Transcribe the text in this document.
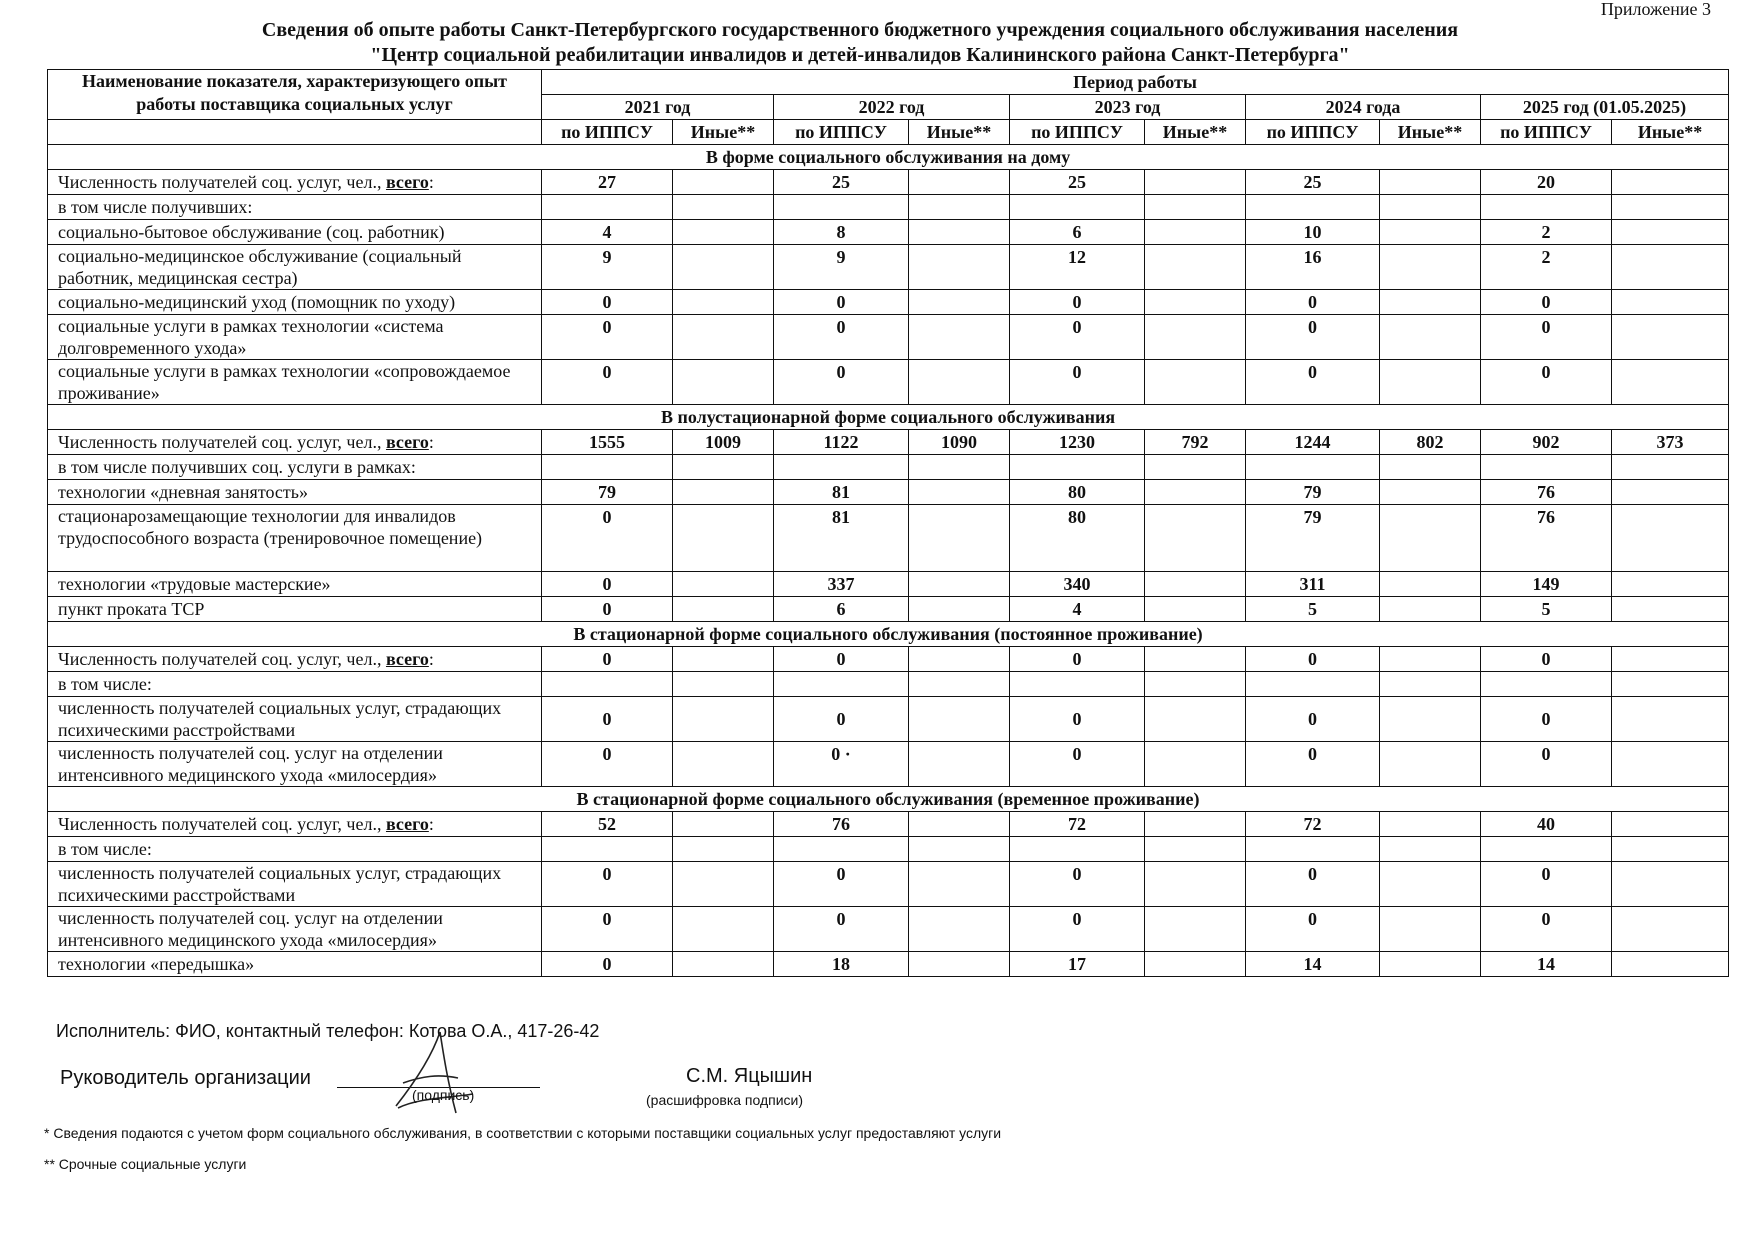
Приложение 3
Сведения об опыте работы Санкт-Петербургского государственного бюджетного учреждения социального обслуживания населения
"Центр социальной реабилитации инвалидов и детей-инвалидов Калининского района Санкт-Петербурга"
Наименование показателя, характеризующего опыт работы поставщика социальных услуг	Период работы									
	2021 год		2022 год		2023 год		2024 года		2025 год (01.05.2025)	
	по ИППСУ	Иные**	по ИППСУ	Иные**	по ИППСУ	Иные**	по ИППСУ	Иные**	по ИППСУ	Иные**
В форме социального обслуживания на дому										
Численность получателей соц. услуг, чел., всего:	27		25		25		25		20	
в том числе получивших:										
социально-бытовое обслуживание (соц. работник)	4		8		6		10		2	
социально-медицинское обслуживание (социальный работник, медицинская сестра)	9		9		12		16		2	
социально-медицинский уход (помощник по уходу)	0		0		0		0		0	
социальные услуги в рамках технологии «система долговременного ухода»	0		0		0		0		0	
социальные услуги в рамках технологии «сопровождаемое проживание»	0		0		0		0		0	
В полустационарной форме социального обслуживания										
Численность получателей соц. услуг, чел., всего:	1555	1009	1122	1090	1230	792	1244	802	902	373
в том числе получивших соц. услуги в рамках:										
технологии «дневная занятость»	79		81		80		79		76	
стационарозамещающие технологии для инвалидов трудоспособного возраста (тренировочное помещение)	0		81		80		79		76	
технологии «трудовые мастерские»	0		337		340		311		149	
пункт проката ТСР	0		6		4		5		5	
В стационарной форме социального обслуживания (постоянное проживание)										
Численность получателей соц. услуг, чел., всего:	0		0		0		0		0	
в том числе:										
численность получателей социальных услуг, страдающих психическими расстройствами	0		0		0		0		0	
численность получателей соц. услуг на отделении интенсивного медицинского ухода «милосердия»	0		0 ·		0		0		0	
В стационарной форме социального обслуживания (временное проживание)										
Численность получателей соц. услуг, чел., всего:	52		76		72		72		40	
в том числе:										
численность получателей социальных услуг, страдающих психическими расстройствами	0		0		0		0		0	
численность получателей соц. услуг на отделении интенсивного медицинского ухода «милосердия»	0		0		0		0		0	
технологии «передышка»	0		18		17		14		14	
Исполнитель: ФИО, контактный телефон: Котова О.А., 417-26-42
Руководитель организации
(подпись)
С.М. Яцышин
(расшифровка подписи)
* Сведения подаются с учетом форм социального обслуживания, в соответствии с которыми поставщики социальных услуг предоставляют услуги
** Срочные социальные услуги
